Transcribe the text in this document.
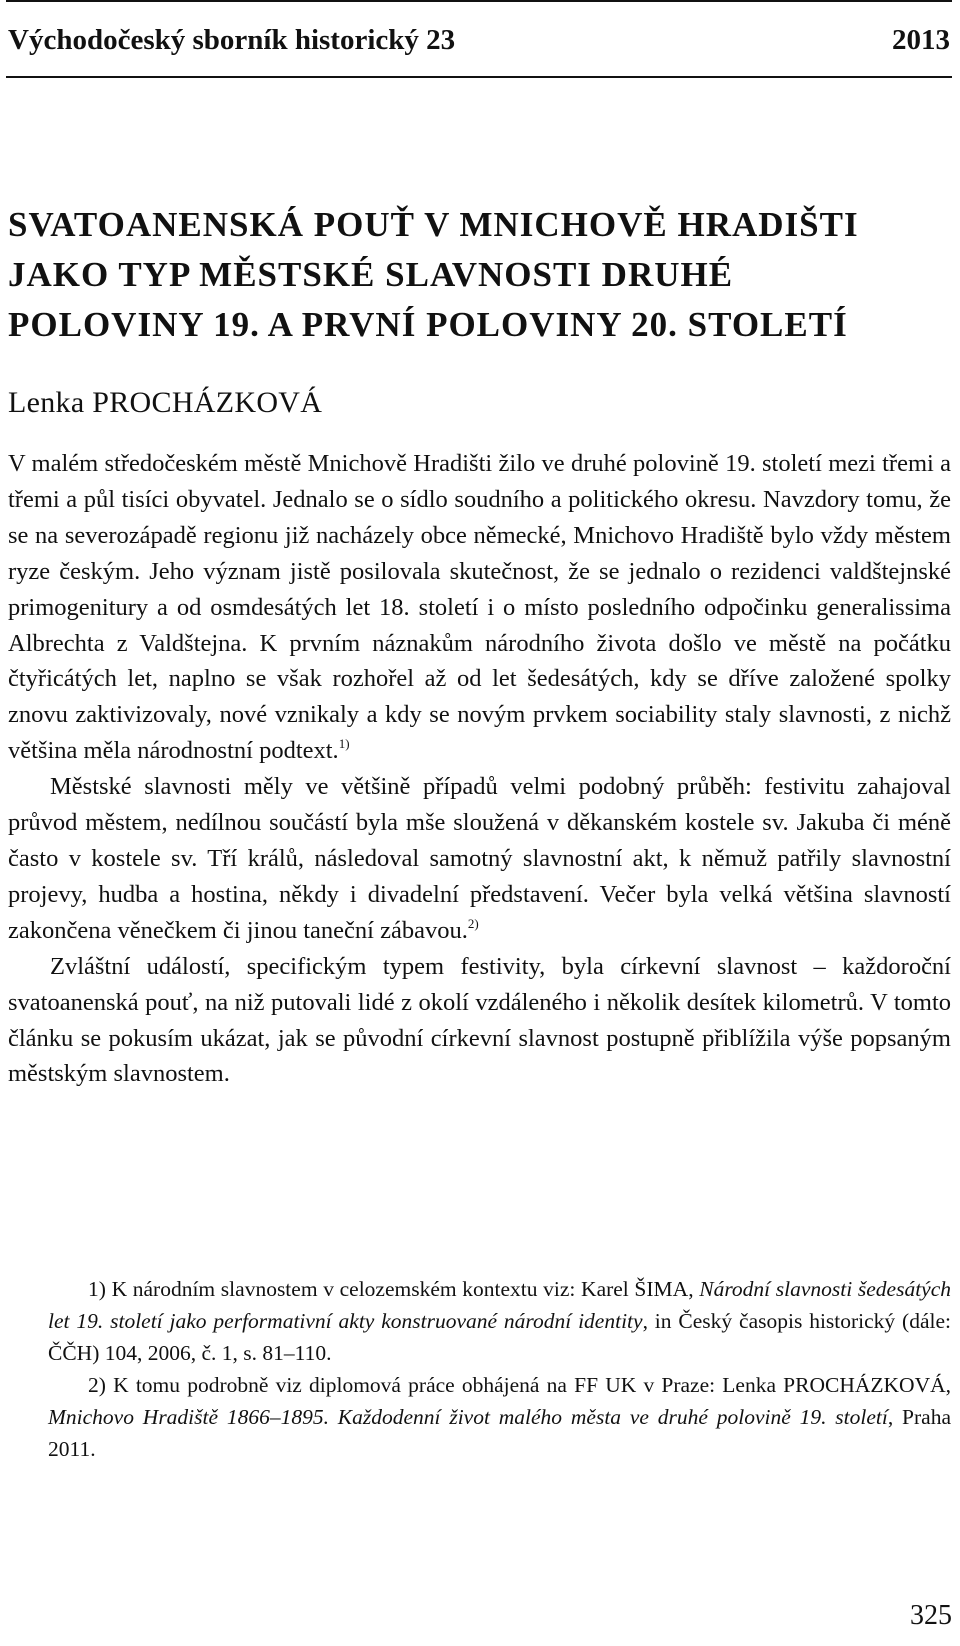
Východočeský sborník historický 23	2013
SVATOANENSKÁ POUŤ V MNICHOVĚ HRADIŠTI
JAKO TYP MĚSTSKÉ SLAVNOSTI DRUHÉ
POLOVINY 19. A PRVNÍ POLOVINY 20. STOLETÍ
Lenka PROCHÁZKOVÁ

V malém středočeském městě Mnichově Hradišti žilo ve druhé polovině 19. století mezi třemi a třemi a půl tisíci obyvatel. Jednalo se o sídlo soudního a politického okresu. Navzdory tomu, že se na severozápadě regionu již nacházely obce německé, Mnichovo Hradiště bylo vždy městem ryze českým. Jeho význam jistě posilovala skutečnost, že se jednalo o rezidenci valdštejnské primogenitury a od osmdesátých let 18. století i o místo posledního odpočinku generalissima Albrechta z Valdštejna. K prvním náznakům národního života došlo ve městě na počátku čtyřicátých let, naplno se však rozhořel až od let šedesátých, kdy se dříve založené spolky znovu zaktivizovaly, nové vznikaly a kdy se novým prvkem sociability staly slavnosti, z nichž většina měla národnostní podtext.$^{1)}$

Městské slavnosti měly ve většině případů velmi podobný průběh: festivitu zahajoval průvod městem, nedílnou součástí byla mše sloužená v děkanském kostele sv. Jakuba či méně často v kostele sv. Tří králů, následoval samotný slavnostní akt, k němuž patřily slavnostní projevy, hudba a hostina, někdy i divadelní představení. Večer byla velká většina slavností zakončena věnečkem či jinou taneční zábavou.$^{2)}$

Zvláštní událostí, specifickým typem festivity, byla církevní slavnost – každoroční svatoanenská pouť, na niž putovali lidé z okolí vzdáleného i několik desítek kilometrů. V tomto článku se pokusím ukázat, jak se původní církevní slavnost postupně přiblížila výše popsaným městským slavnostem.

1) K národním slavnostem v celozemském kontextu viz: Karel ŠIMA, Národní slavnosti šedesátých let 19. století jako performativní akty konstruované národní identity, in Český časopis historický (dále: ČČH) 104, 2006, č. 1, s. 81–110.

2) K tomu podrobně viz diplomová práce obhájená na FF UK v Praze: Lenka PROCHÁZKOVÁ, Mnichovo Hradiště 1866–1895. Každodenní život malého města ve druhé polovině 19. století, Praha 2011.

325
